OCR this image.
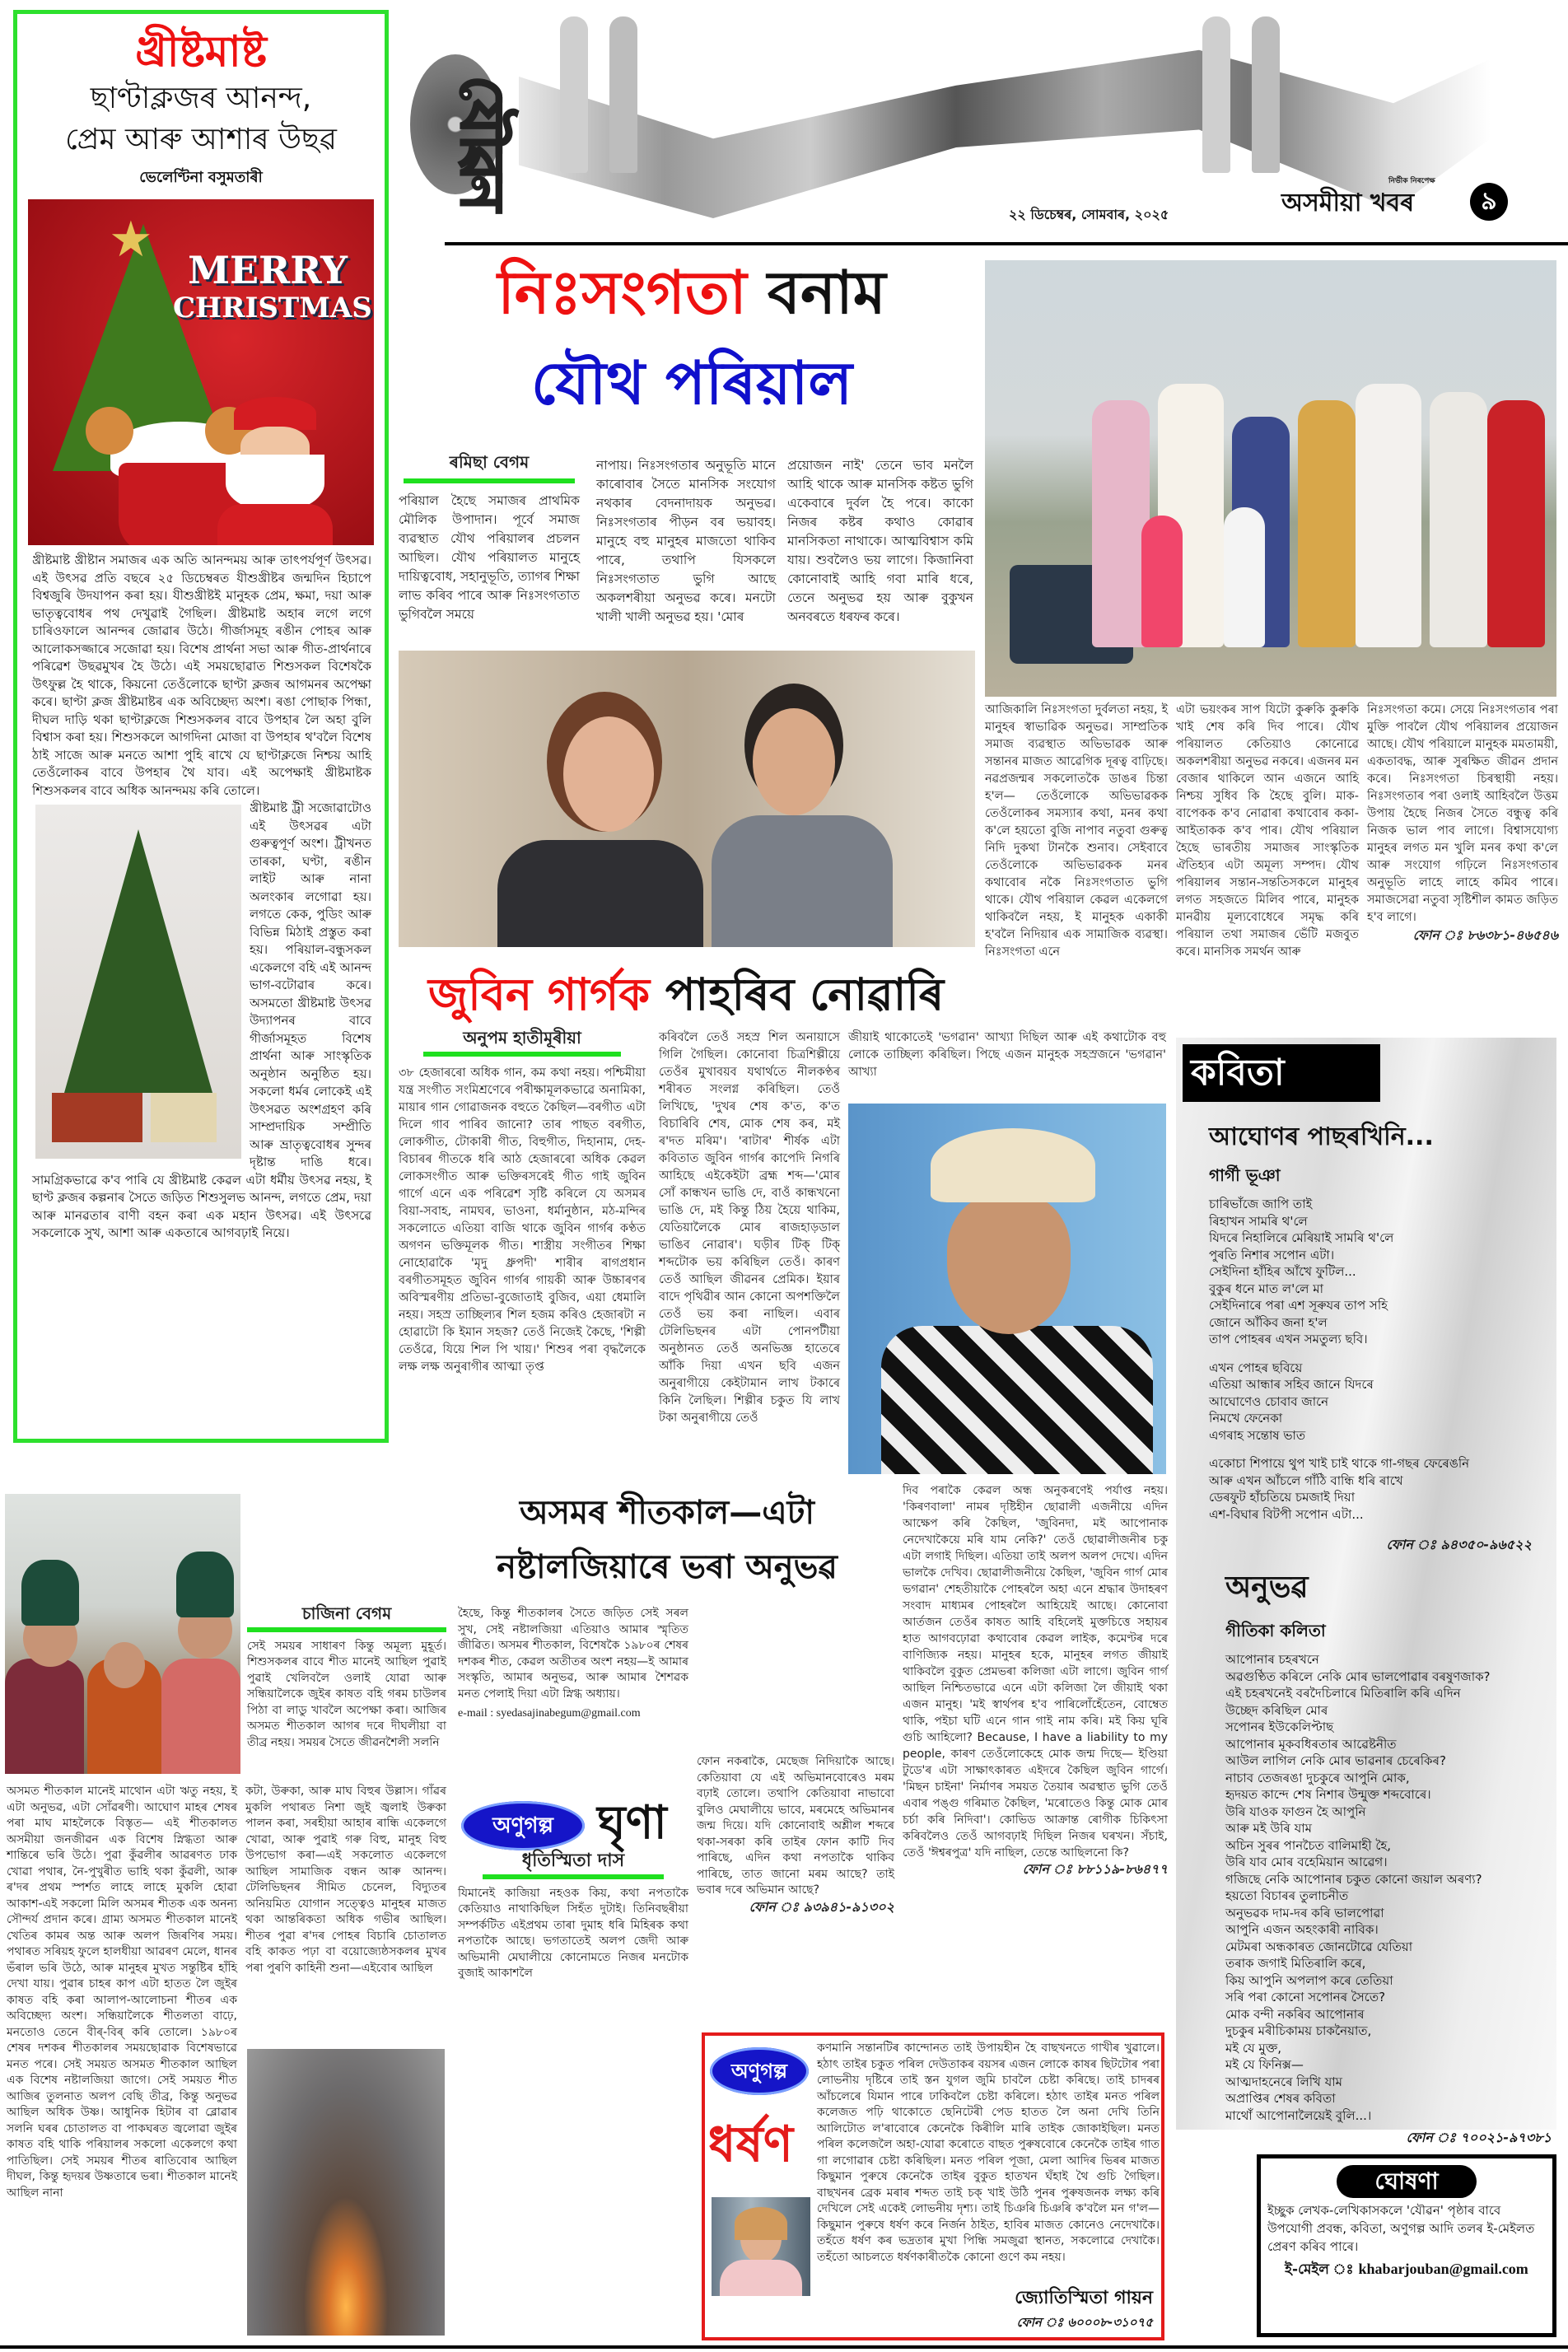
যৌৱন
২২ ডিচেম্বৰ, সোমবাৰ, ২০২৫
নিৰ্ভীক নিৰপেক্ষ
অসমীয়া খবৰ	৯
খ্ৰীষ্টমাষ্ট
ছাণ্টাক্লজৰ আনন্দ,
প্ৰেম আৰু আশাৰ উছৱ
ভেলেণ্টিনা বসুমতাৰী
★
MERRY
CHRISTMAS

খ্ৰীষ্টমাষ্ট খ্ৰীষ্টান সমাজৰ এক অতি আনন্দময় আৰু তাৎপৰ্যপূৰ্ণ উৎসৱ। এই উৎসৱ প্ৰতি বছৰে ২৫ ডিচেম্বৰত যীশুখ্ৰীষ্টৰ জন্মদিন হিচাপে বিশ্বজুৰি উদযাপন কৰা হয়। যীশুখ্ৰীষ্টই মানুহক প্ৰেম, ক্ষমা, দয়া আৰু ভাতৃত্ববোধৰ পথ দেখুৱাই গৈছিল। খ্ৰীষ্টমাষ্ট অহাৰ লগে লগে চাৰিওফালে আনন্দৰ জোৱাৰ উঠে। গীৰ্জাসমূহ ৰঙীন পোহৰ আৰু আলোকসজ্জাৰে সজোৱা হয়। বিশেষ প্ৰাৰ্থনা সভা আৰু গীত-প্ৰাৰ্থনাৰে পৰিৱেশ উছৱমুখৰ হৈ উঠে। এই সময়ছোৱাত শিশুসকল বিশেষকৈ উৎফুল্ল হৈ থাকে, কিয়নো তেওঁলোকে ছাণ্টা ক্লজৰ আগমনৰ অপেক্ষা কৰে। ছাণ্টা ক্লজ খ্ৰীষ্টমাষ্টৰ এক অবিচ্ছেদ্য অংশ। ৰঙা পোছাক পিন্ধা, দীঘল দাড়ি থকা ছাণ্টাক্লজে শিশুসকলৰ বাবে উপহাৰ লৈ অহা বুলি বিশ্বাস কৰা হয়। শিশুসকলে আগদিনা মোজা বা উপহাৰ থ'বলৈ বিশেষ ঠাই সাজে আৰু মনতে আশা পুহি ৰাখে যে ছাণ্টাক্লজে নিশ্চয় আহি তেওঁলোকৰ বাবে উপহাৰ থৈ যাব। এই অপেক্ষাই খ্ৰীষ্টমাষ্টক শিশুসকলৰ বাবে অধিক আনন্দময় কৰি তোলে।

খ্ৰীষ্টমাষ্ট ট্ৰী সজোৱাটোও এই উৎসৱৰ এটা গুৰুত্বপূৰ্ণ অংশ। ট্ৰীখনত তাৰকা, ঘণ্টা, ৰঙীন লাইট আৰু নানা অলংকাৰ লগোৱা হয়। লগতে কেক, পুডিং আৰু বিভিন্ন মিঠাই প্ৰস্তুত কৰা হয়। পৰিয়াল-বন্ধুসকল একেলগে বহি এই আনন্দ ভাগ-বটোৱাৰ কৰে। অসমতো খ্ৰীষ্টমাষ্ট উৎসৱ উদ্যাপনৰ বাবে গীৰ্জাসমূহত বিশেষ প্ৰাৰ্থনা আৰু সাংস্কৃতিক অনুষ্ঠান অনুষ্ঠিত হয়। সকলো ধৰ্মৰ লোকেই এই উৎসৱত অংশগ্ৰহণ কৰি সাম্প্ৰদায়িক সম্প্ৰীতি আৰু ভ্ৰাতৃত্ববোধৰ সুন্দৰ দৃষ্টান্ত দাঙি ধৰে। সামগ্ৰিকভাৱে ক'ব পাৰি যে খ্ৰীষ্টমাষ্ট কেৱল এটা ধৰ্মীয় উৎসৱ নহয়, ই ছাণ্ট ক্লজৰ কল্পনাৰ সৈতে জড়িত শিশুসুলভ আনন্দ, লগতে প্ৰেম, দয়া আৰু মানৱতাৰ বাণী বহন কৰা এক মহান উৎসৱ। এই উৎসৱে সকলোকে সুখ, আশা আৰু একতাৰে আগবঢ়াই নিয়ে।

নিঃসংগতা বনাম
যৌথ পৰিয়াল
ৰমিছা বেগম
পৰিয়াল হৈছে সমাজৰ প্ৰাথমিক মৌলিক উপাদান। পূৰ্বে সমাজ ব্যৱস্থাত যৌথ পৰিয়ালৰ প্ৰচলন আছিল। যৌথ পৰিয়ালত মানুহে দায়িত্ববোধ, সহানুভূতি, ত্যাগৰ শিক্ষা লাভ কৰিব পাৰে আৰু নিঃসংগতাত ভুগিবলৈ সময়ে
নাপায়। নিঃসংগতাৰ অনুভূতি মানে কাৰোবাৰ সৈতে মানসিক সংযোগ নথকাৰ বেদনাদায়ক অনুভৱ। নিঃসংগতাৰ পীড়ন বৰ ভয়াবহ। মানুহে বহু মানুহৰ মাজতো থাকিব পাৰে, তথাপি যিসকলে নিঃসংগতাত ভুগি আছে অকলশৰীয়া অনুভৱ কৰে। মনটো খালী খালী অনুভৱ হয়। 'মোৰ
প্ৰয়োজন নাই' তেনে ভাব মনলৈ আহি থাকে আৰু মানসিক কষ্টত ভুগি একেবাৰে দুৰ্বল হৈ পৰে। কাকো নিজৰ কষ্টৰ কথাও কোৱাৰ মানসিকতা নাথাকে। আত্মবিশ্বাস কমি যায়। শুবলৈও ভয় লাগে। কিজানিবা কোনোবাই আহি গবা মাৰি ধৰে, তেনে অনুভৱ হয় আৰু বুকুখন অনবৰতে ধৰফৰ কৰে।
আজিকালি নিঃসংগতা দুৰ্বলতা নহয়, ই মানুহৰ স্বাভাৱিক অনুভৱ। সাম্প্ৰতিক সমাজ ব্যৱস্থাত অভিভাৱক আৰু সন্তানৰ মাজত আৱেগিক দূৰত্ব বাঢ়িছে। নৱপ্ৰজন্মৰ সকলোতকৈ ডাঙৰ চিন্তা হ'ল— তেওঁলোকে অভিভাৱকক তেওঁলোকৰ সমস্যাৰ কথা, মনৰ কথা ক'লে হয়তো বুজি নাপাব নতুবা গুৰুত্ব নিদি দুকথা টানকৈ শুনাব। সেইবাবে তেওঁলোকে অভিভাৱকক মনৰ কথাবোৰ নকৈ নিঃসংগতাত ভুগি থাকে। যৌথ পৰিয়াল কেৱল একেলগে থাকিবলৈ নহয়, ই মানুহক একাকী হ'বলৈ নিদিয়াৰ এক সামাজিক ব্যৱস্থা। নিঃসংগতা এনে
এটা ভয়ংকৰ সাপ যিটো কুৰুকি কুৰুকি খাই শেষ কৰি দিব পাৰে। যৌথ পৰিয়ালত কেতিয়াও কোনোৱে অকলশৰীয়া অনুভৱ নকৰে। এজনৰ মন বেজাৰ থাকিলে আন এজনে আহি নিশ্চয় সুধিব কি হৈছে বুলি। মাক-বাপেকক ক'ব নোৱাৰা কথাবোৰ ককা-আইতাকক ক'ব পাৰ। যৌথ পৰিয়াল হৈছে ভাৰতীয় সমাজৰ সাংস্কৃতিক ঐতিহ্যৰ এটা অমূল্য সম্পদ। যৌথ পৰিয়ালৰ সন্তান-সন্ততিসকলে মানুহৰ লগত সহজতে মিলিব পাৰে, মানুহক মানৱীয় মূল্যবোধেৰে সমৃদ্ধ কৰি পৰিয়াল তথা সমাজৰ ভেঁটি মজবুত কৰে। মানসিক সমৰ্থন আৰু
নিঃসংগতা কমে। সেয়ে নিঃসংগতাৰ পৰা মুক্তি পাবলৈ যৌথ পৰিয়ালৰ প্ৰয়োজন আছে। যৌথ পৰিয়ালে মানুহক মমতাময়ী, একতাবদ্ধ, আৰু সুৰক্ষিত জীৱন প্ৰদান কৰে। নিঃসংগতা চিৰস্থায়ী নহয়। নিঃসংগতাৰ পৰা ওলাই আহিবলৈ উত্তম উপায় হৈছে নিজৰ সৈতে বন্ধুত্ব কৰি নিজক ভাল পাব লাগে। বিশ্বাসযোগ্য মানুহৰ লগত মন খুলি মনৰ কথা ক'লে আৰু সংযোগ গঢ়িলে নিঃসংগতাৰ অনুভূতি লাহে লাহে কমিব পাৰে। সমাজসেৱা নতুবা সৃষ্টিশীল কামত জড়িত হ'ব লাগে।
ফোন ঃ ৮৬৩৮১-৪৬৫৪৬
জুবিন গাৰ্গক পাহৰিব নোৱাৰি
অনুপম হাতীমূৰীয়া
৩৮ হেজাৰৰো অধিক গান, কম কথা নহয়। পশ্চিমীয়া যন্ত্ৰ সংগীত সংমিশ্ৰণেৰে পৰীক্ষামূলকভাৱে অনামিকা, মায়াৰ গান গোৱাজনক বহুতে কৈছিল—বৰগীত এটা দিলে গাব পাৰিব জানো? তাৰ পাছত বৰগীত, লোকগীত, টোকাৰী গীত, বিহুগীত, দিহানাম, দেহ-বিচাৰৰ গীতকে ধৰি আঠ হেজাৰৰো অধিক কেৱল লোকসংগীত আৰু ভক্তিৰসৰেই গীত গাই জুবিন গাৰ্গে এনে এক পৰিৱেশ সৃষ্টি কৰিলে যে অসমৰ বিয়া-সবাহ, নামঘৰ, ভাওনা, ধৰ্মানুষ্ঠান, মঠ-মন্দিৰ সকলোতে এতিয়া বাজি থাকে জুবিন গাৰ্গৰ কণ্ঠত অগণন ভক্তিমূলক গীত। শাস্ত্ৰীয় সংগীতৰ শিক্ষা নোহোৱাকৈ 'মৃদু ধ্ৰুপদী' শাৰীৰ ৰাগপ্ৰধান বৰগীতসমূহত জুবিন গাৰ্গৰ গায়কী আৰু উচ্চাৰণৰ অবিস্মৰণীয় প্ৰতিভা-বুজোতাই বুজিব, এয়া ধেমালি নহয়। সহস্ৰ তাচ্ছিল্যৰ শিল হজম কৰিও হেজাৰটা ন হোৱাটো কি ইমান সহজ? তেওঁ নিজেই কৈছে, 'শিল্পী তেওঁৱে, যিয়ে শিল পি খায়।' শিশুৰ পৰা বৃদ্ধলৈকে লক্ষ লক্ষ অনুৰাগীৰ আত্মা তৃপ্ত
কৰিবলৈ তেওঁ সহস্ৰ শিল অনায়াসে গিলি গৈছিল। কোনোবা চিত্ৰশিল্পীয়ে তেওঁৰ মুখাবয়ব যথাৰ্থতে নীলকণ্ঠৰ শৰীৰত সংলগ্ন কৰিছিল। তেওঁ লিখিছে, 'দুখৰ শেষ ক'ত, ক'ত বিচাৰিবি শেষ, মোক শেষ কৰ, মই ৰ'দত মৰিম'। 'ৰাটাৰ' শীৰ্ষক এটা কবিতাত জুবিন গাৰ্গৰ কাপেদি নিগৰি আহিছে এইকেইটা ব্ৰহ্ম শব্দ—'মোৰ সোঁ কান্ধখন ভাঙি দে, বাওঁ কান্ধখনো ভাঙি দে, মই কিন্তু ঠিয় হৈয়ে থাকিম, যেতিয়ালৈকে মোৰ ৰাজহাড়ডাল ভাঙিব নোৱাৰ'। ঘড়ীৰ টিক্ টিক্ শব্দটোক ভয় কৰিছিল তেওঁ। কাৰণ তেওঁ আছিল জীৱনৰ প্ৰেমিক। ইয়াৰ বাদে পৃথিৱীৰ আন কোনো অপশক্তিলৈ তেওঁ ভয় কৰা নাছিল। এবাৰ টেলিভিছনৰ এটা পোনপটীয়া অনুষ্ঠানত তেওঁ অনভিজ্ঞ হাতেৰে আঁকি দিয়া এখন ছবি এজন অনুৰাগীয়ে কেইটামান লাখ টকাৰে কিনি লৈছিল। শিল্পীৰ চকুত যি লাখ টকা অনুৰাগীয়ে তেওঁ
জীয়াই থাকোতেই 'ভগৱান' আখ্যা দিছিল আৰু এই কথাটোক বহু লোকে তাচ্ছিল্য কৰিছিল। পিছে এজন মানুহক সহস্ৰজনে 'ভগৱান' আখ্যা
দিব পৰাকৈ কেৱল অন্ধ অনুকৰণেই পৰ্যাপ্ত নহয়। 'কিৰণবালা' নামৰ দৃষ্টিহীন ছোৱালী এজনীয়ে এদিন আক্ষেপ কৰি কৈছিল, 'জুবিনদা, মই আপোনাক নেদেখাকৈয়ে মৰি যাম নেকি?' তেওঁ ছোৱালীজনীৰ চকু এটা লগাই দিছিল। এতিয়া তাই অলপ অলপ দেখে। এদিন ভালকৈ দেখিব। ছোৱালীজনীয়ে কৈছিল, 'জুবিন গাৰ্গ মোৰ ভগৱান' শেহতীয়াকৈ পোহৰলৈ অহা এনে শ্ৰদ্ধাৰ উদাহৰণ সংবাদ মাধ্যমৰ পোহৰলৈ আহিয়েই আছে। কোনোবা আৰ্তজন তেওঁৰ কাষত আহি বহিলেই মুক্তচিত্তে সহায়ৰ হাত আগবঢ়োৱা কথাবোৰ কেৱল লাইক, কমেণ্টৰ দৰে বাণিজ্যিক নহয়। মানুহৰ হকে, মানুহৰ লগত জীয়াই থাকিবলৈ বুকুত প্ৰেমভৰা কলিজা এটা লাগে। জুবিন গাৰ্গ আছিল নিশ্চিতভাৱে এনে এটা কলিজা লৈ জীয়াই থকা এজন মানুহ। 'মই স্বাৰ্থপৰ হ'ব পাৰিলোঁহেঁতেন, বোম্বেত থাকি, পইচা ঘটি এনে গান গাই নাম কৰি। মই কিয় ঘূৰি গুচি আহিলো? Because, I have a liability to my people, কাৰণ তেওঁলোকেহে মোক জন্ম দিছে— ইণ্ডিয়া টুডে'ৰ এটা সাক্ষাৎকাৰত এইদৰে কৈছিল জুবিন গাৰ্গে। 'মিছন চাইনা' নিৰ্মাণৰ সময়ত তৈয়াৰ অৱস্থাত ভুগি তেওঁ এবাৰ পঙ্গু গৰিমাত কৈছিল, 'মৰোতেও কিন্তু মোক মোৰ চৰ্চা কৰি নিদিবা'। কোভিড আক্ৰান্ত ৰোগীক চিকিৎসা কৰিবলৈও তেওঁ আগবঢ়াই দিছিল নিজৰ ঘৰখন। সঁচাই, তেওঁ 'ঈশ্বৰপুত্ৰ' যদি নাছিল, তেন্তে আছিলনো কি?
ফোন ঃ ৮৮১১৯-৮৬৪৭৭
কবিতা
আঘোণৰ পাছৰখিনি...
গাৰ্গী ভূঞা
চাৰিভাঁজে জাপি তাই
ৰিহাখন সামৰি থ'লে
যিদৰে নিহালিৰে মেৰিয়াই সামৰি থ'লে
পুৰতি নিশাৰ সপোন এটা।
সেইদিনা হাঁহিৰ আঁখে ফুটিল...
বুকুৰ ধনে মাত ল'লে মা
সেইদিনাৰে পৰা এশ সূৰুযৰ তাপ সহি
জোনে আঁকিব জনা হ'ল
তাপ পোহৰৰ এখন সমতুল্য ছবি।
এখন পোহৰ ছবিয়ে
এতিয়া আন্ধাৰ সহিব জানে যিদৰে
আঘোণেও চোবাব জানে
নিমখে ফেনেকা
এগৰাহ সন্তোষ ভাত
একোচা শিপায়ে থুপ খাই চাই থাকে গা-গছৰ ফেৰেঙনি
আৰু এখন আঁচলে গাঁঠি বান্ধি ধৰি ৰাখে
ডেৰফুট হাঁচতিয়ে চমজাই দিয়া
এশ-বিঘাৰ বিটপী সপোন এটা...
ফোন ঃ ৯৪৩৫০-৯৬৫২২
অনুভৱ
গীতিকা কলিতা
আপোনাৰ চহৰখনে
অৱগুণ্ঠিত কৰিলে নেকি মোৰ ভালপোৱাৰ বৰষুণজাক?
এই চহৰখনেই বৰদৈচিলাৰে মিতিৰালি কৰি এদিন
উচ্ছেদ কৰিছিল মোৰ
সপোনৰ ইউকেলিপ্টাছ
আপোনাৰ মূকবধিৰতাৰ আৱেষ্টনীত
আউল লাগিল নেকি মোৰ ভাৱনাৰ চেৰেকিৰ?
নাচাব তেজৰঙা দুচকুৰে আপুনি মোক,
হৃদয়ত কান্দে শেষ নিশাৰ উন্মুক্ত শব্দবোৰে।
উৰি যাওক ফাগুন হৈ আপুনি
আৰু মই উৰি যাম
অচিন সুৰৰ পানচৈত বালিমাহী হৈ,
উৰি যাব মোৰ বহেমিয়ান আৱেগ।
গজিছে নেকি আপোনাৰ চকুত কোনো জয়াল অৰণ্য?
হয়তো বিচাৰৰ তুলাচনীত
অনুভৱক দাম-দৰ কৰি ভালপোৱা
আপুনি এজন অহংকাৰী নাবিক।
মেটমৰা অন্ধকাৰত জোনটোৱে যেতিয়া
তৰাক জগাই মিতিৰালি কৰে,
কিয় আপুনি অপলাপ কৰে তেতিয়া
সৰি পৰা কোনো সপোনৰ সৈতে?
মোক বন্দী নকৰিব আপোনাৰ
দুচকুৰ মৰীচিকাময় চাকনৈয়াত,
মই যে মুক্ত,
মই যে ফিনিক্স—
আত্মদাহনেৰে লিখি যাম
অপ্ৰাপ্তিৰ শেষৰ কবিতা
মাথোঁ আপোনালৈয়েই বুলি...।
ফোন ঃ ৭০০২১-৯৭৩৮১
ঘোষণা
ইচ্ছুক লেখক-লেখিকাসকলে 'যৌৱন' পৃষ্ঠাৰ বাবে উপযোগী প্ৰবন্ধ, কবিতা, অণুগল্প আদি তলৰ ই-মেইলত প্ৰেৰণ কৰিব পাৰে।
ই-মেইল ঃ khabarjouban@gmail.com
অসমৰ শীতকাল—এটা
নষ্টালজিয়াৰে ভৰা অনুভৱ
অসমত শীতকাল মানেই মাথোন এটা ঋতু নহয়, ই এটা অনুভৱ, এটা সোঁৱৰণী। আঘোণ মাহৰ শেষৰ পৰা মাঘ মাহলৈকে বিস্তৃত— এই শীতকালত অসমীয়া জনজীৱন এক বিশেষ স্নিগ্ধতা আৰু শান্তিৰে ভৰি উঠে। পুৱা কুঁৱলীৰ আৱৰণত ঢাক খোৱা পথাৰ, নৈ-পুখুৰীত ভাহি থকা কুঁৱলী, আৰু ৰ'দৰ প্ৰথম স্পৰ্শত লাহে লাহে মুকলি হোৱা আকাশ-এই সকলো মিলি অসমৰ শীতক এক অনন্য সৌন্দৰ্য প্ৰদান কৰে। গ্ৰাম্য অসমত শীতকাল মানেই খেতিৰ কামৰ অন্ত আৰু অলপ জিৰণিৰ সময়। পথাৰত সৰিয়হ ফুলে হালধীয়া আৱৰণ মেলে, ধানৰ ভঁৰাল ভৰি উঠে, আৰু মানুহৰ মুখত সন্তুষ্টিৰ হাঁহি দেখা যায়। পুৱাৰ চাহৰ কাপ এটা হাতত লৈ জুইৰ কাষত বহি কৰা আলাপ-আলোচনা শীতৰ এক অবিচ্ছেদ্য অংশ। সন্ধিয়ালৈকে শীতলতা বাঢ়ে, মনতোও তেনে বীৰ্-বিৰ্ কৰি তোলে। ১৯৮০ৰ শেষৰ দশকৰ শীতকালৰ সময়ছোৱাক বিশেষভাৱে মনত পৰে। সেই সময়ত অসমত শীতকাল আছিল এক বিশেষ নষ্টালজিয়া জাগে। সেই সময়ত শীত আজিৰ তুলনাত অলপ বেছি তীব্ৰ, কিন্তু অনুভৱ আছিল অধিক উষ্ণ। আধুনিক হিটাৰ বা ব্লোৱাৰ সলনি ঘৰৰ চোতালত বা পাকঘৰত জ্বলোৱা জুইৰ কাষত বহি থাকি পৰিয়ালৰ সকলো একেলগে কথা পাতিছিল। সেই সময়ৰ শীতৰ ৰাতিবোৰ আছিল দীঘল, কিন্তু হৃদয়ৰ উষ্ণতাৰে ভৰা। শীতকাল মানেই আছিল নানা
কটা, উৰুকা, আৰু মাঘ বিহুৰ উল্লাস। গাঁৱৰ মুকলি পথাৰত নিশা জুই জ্বলাই উৰুকা পালন কৰা, সৰহীয়া আহাৰ ৰান্ধি একেলগে খোৱা, আৰু পুৱাই গৰু বিহু, মানুহ বিহু উপভোগ কৰা—এই সকলোত একেলগে আছিল সামাজিক বন্ধন আৰু আনন্দ। টেলিভিছনৰ সীমিত চেনেল, বিদ্যুতৰ অনিয়মিত যোগান সত্ত্বেও মানুহৰ মাজত থকা আন্তৰিকতা অধিক গভীৰ আছিল। শীতৰ পুৱা ৰ'দৰ পোহৰ বিচাৰি চোতালত বহি কাকত পঢ়া বা বয়োজ্যেষ্ঠসকলৰ মুখৰ পৰা পুৰণি কাহিনী শুনা—এইবোৰ আছিল
চাজিনা বেগম
সেই সময়ৰ সাধাৰণ কিন্তু অমূল্য মুহূৰ্ত। শিশুসকলৰ বাবে শীত মানেই আছিল পুৱাই পুৱাই খেলিবলৈ ওলাই যোৱা আৰু সন্ধিয়ালৈকে জুইৰ কাষত বহি গৰম চাউলৰ পিঠা বা লাডু খাবলৈ অপেক্ষা কৰা। আজিৰ অসমত শীতকাল আগৰ দৰে দীঘলীয়া বা তীব্ৰ নহয়। সময়ৰ সৈতে জীৱনশৈলী সলনি
হৈছে, কিন্তু শীতকালৰ সৈতে জড়িত সেই সৰল সুখ, সেই নষ্টালজিয়া এতিয়াও আমাৰ স্মৃতিত জীৱিত। অসমৰ শীতকাল, বিশেষকৈ ১৯৮০ৰ শেষৰ দশকৰ শীত, কেৱল অতীতৰ অংশ নহয়—ই আমাৰ সংস্কৃতি, আমাৰ অনুভৱ, আৰু আমাৰ শৈশৱক মনত পেলাই দিয়া এটা স্নিগ্ধ অধ্যায়।
e-mail : syedasajinabegum@gmail.com
অণুগল্প ঘৃণা
ধৃতিস্মিতা দাস
যিমানেই কাজিয়া নহওক কিয়, কথা নপতাকৈ কেতিয়াও নাথাকিছিল সিহঁত দুটাই। তিনিবছৰীয়া সম্পৰ্কটিত এইপ্ৰথম তাৰা দুমাহ ধৰি মিহিৰক কথা নপতাকৈ আছে। ভগতাতেই অলপ জেদী আৰু অভিমানী মেঘালীয়ে কোনোমতে নিজৰ মনটোক বুজাই আকাশলৈ
ফোন নকৰাকৈ, মেছেজ নিদিয়াকৈ আছে। কেতিয়াবা যে এই অভিমানবোৰেও মৰম বঢ়াই তোলে। তথাপি কেতিয়াবা নাভাবো বুলিও মেঘালীয়ে ভাবে, মৰমেহে অভিমানৰ জন্ম দিয়ে। যদি কোনোবাই অশ্লীল শব্দৰে থকা-সৰকা কৰি তাইৰ ফোন কাটি দিব পাৰিছে, এদিন কথা নপতাকৈ থাকিব পাৰিছে, তাত জানো মৰম আছে? তাই ভবাৰ দৰে অভিমান আছে?
ফোন ঃ ৯৩৯৪১-৯১৩০২
অণুগল্প
ধৰ্ষণ
কণমানি সন্তানটিৰ কান্দোনত তাই উপায়হীন হৈ বাছখনতে গাখীৰ খুৱালে। হঠাৎ তাইৰ চকুত পৰিল দেউতাকৰ বয়সৰ এজন লোকে কাষৰ ছিটটোৰ পৰা লোভনীয় দৃষ্টিৰে তাই স্তন যুগল জুমি চাবলৈ চেষ্টা কৰিছে। তাই চাদৰৰ আঁচলেৰে যিমান পাৰে ঢাকিবলৈ চেষ্টা কৰিলে। হঠাৎ তাইৰ মনত পৰিল কলেজত পঢ়ি থাকোতে ছেনিটেৰী পেড হাতত লৈ অনা দেখি তিনি আলিটোত ল'ৰাবোৰে কেনেকৈ কিৰীলি মাৰি তাইক জোকাইছিল। মনত পৰিল কলেজলৈ অহা-যোৱা কৰোতে বাছত পুৰুষবোৰে কেনেকৈ তাইৰ গাত গা লগোৱাৰ চেষ্টা কৰিছিল। মনত পৰিল পূজা, মেলা আদিৰ ভিৰৰ মাজত কিছুমান পুৰুষে কেনেকৈ তাইৰ বুকুত হাতখন ঘঁহাই থৈ গুচি গৈছিল। বাছখনৰ ব্ৰেক মৰাৰ শব্দত তাই চক্ খাই উঠি পুনৰ পুৰুষজনক লক্ষ্য কৰি দেখিলে সেই একেই লোভনীয় দৃশ্য। তাই চিঞৰি চিঞৰি ক'বলৈ মন গ'ল—কিছুমান পুৰুষে ধৰ্ষণ কৰে নিৰ্জন ঠাইত, হাবিৰ মাজত কোনেও নেদেখাকৈ। তহঁতে ধৰ্ষণ কৰ ভদ্ৰতাৰ মুখা পিন্ধি সমজুৱা স্থানত, সকলোৱে দেখাকৈ। তহঁতো আচলতে ধৰ্ষণকাৰীতকৈ কোনো গুণে কম নহয়।
জ্যোতিস্মিতা গায়ন
ফোন ঃ ৬০০০৮-৩১০৭৫
